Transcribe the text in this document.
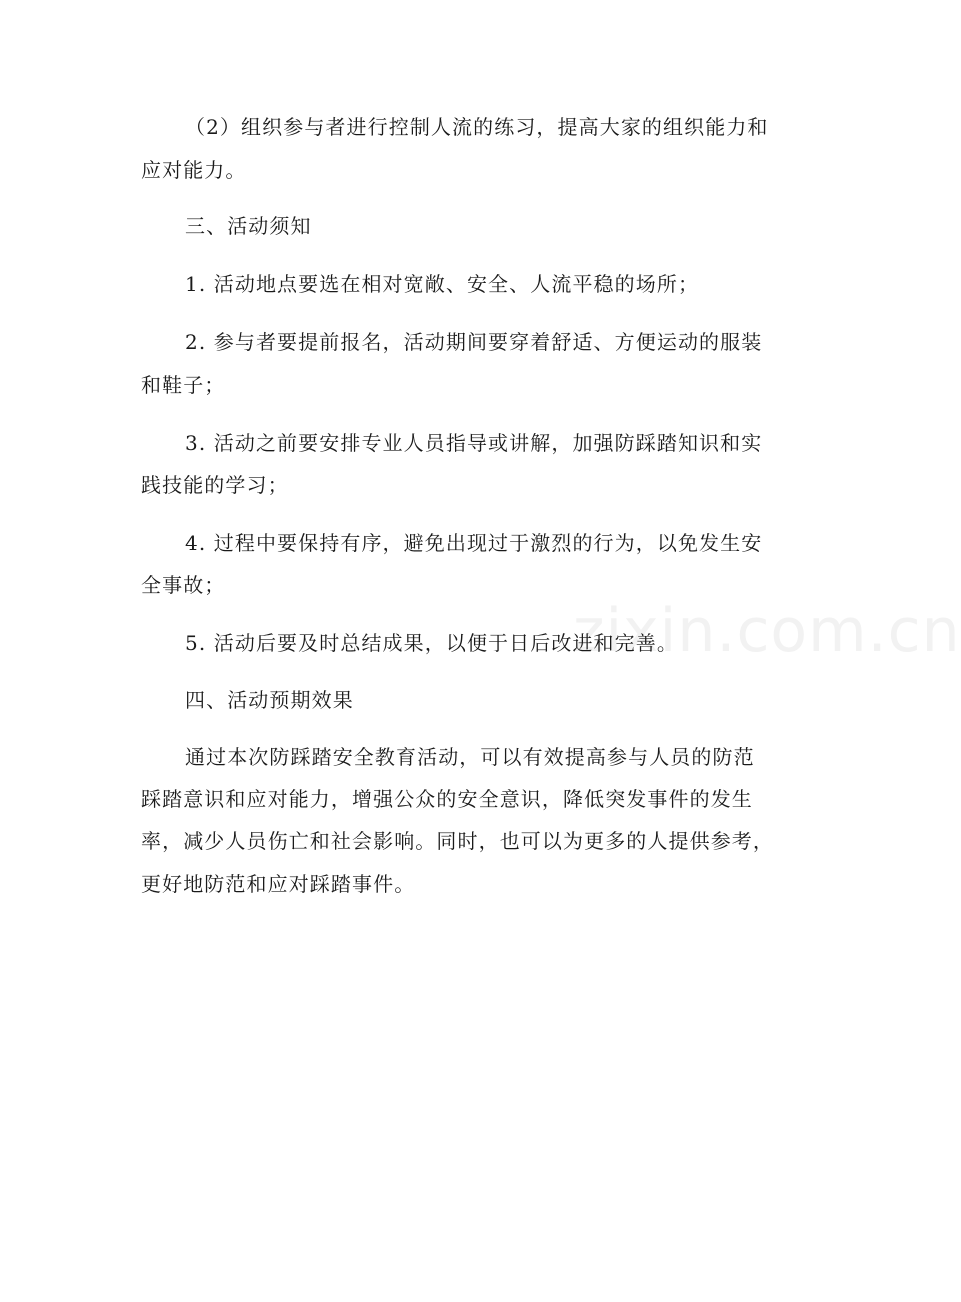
zixin.com.cn
（2）组织参与者进行控制人流的练习，提高大家的组织能力和
应对能力。
三、活动须知
1. 活动地点要选在相对宽敞、安全、人流平稳的场所；
2. 参与者要提前报名，活动期间要穿着舒适、方便运动的服装
和鞋子；
3. 活动之前要安排专业人员指导或讲解，加强防踩踏知识和实
践技能的学习；
4. 过程中要保持有序，避免出现过于激烈的行为，以免发生安
全事故；
5. 活动后要及时总结成果，以便于日后改进和完善。
四、活动预期效果
通过本次防踩踏安全教育活动，可以有效提高参与人员的防范
踩踏意识和应对能力，增强公众的安全意识，降低突发事件的发生
率，减少人员伤亡和社会影响。同时，也可以为更多的人提供参考，
更好地防范和应对踩踏事件。
